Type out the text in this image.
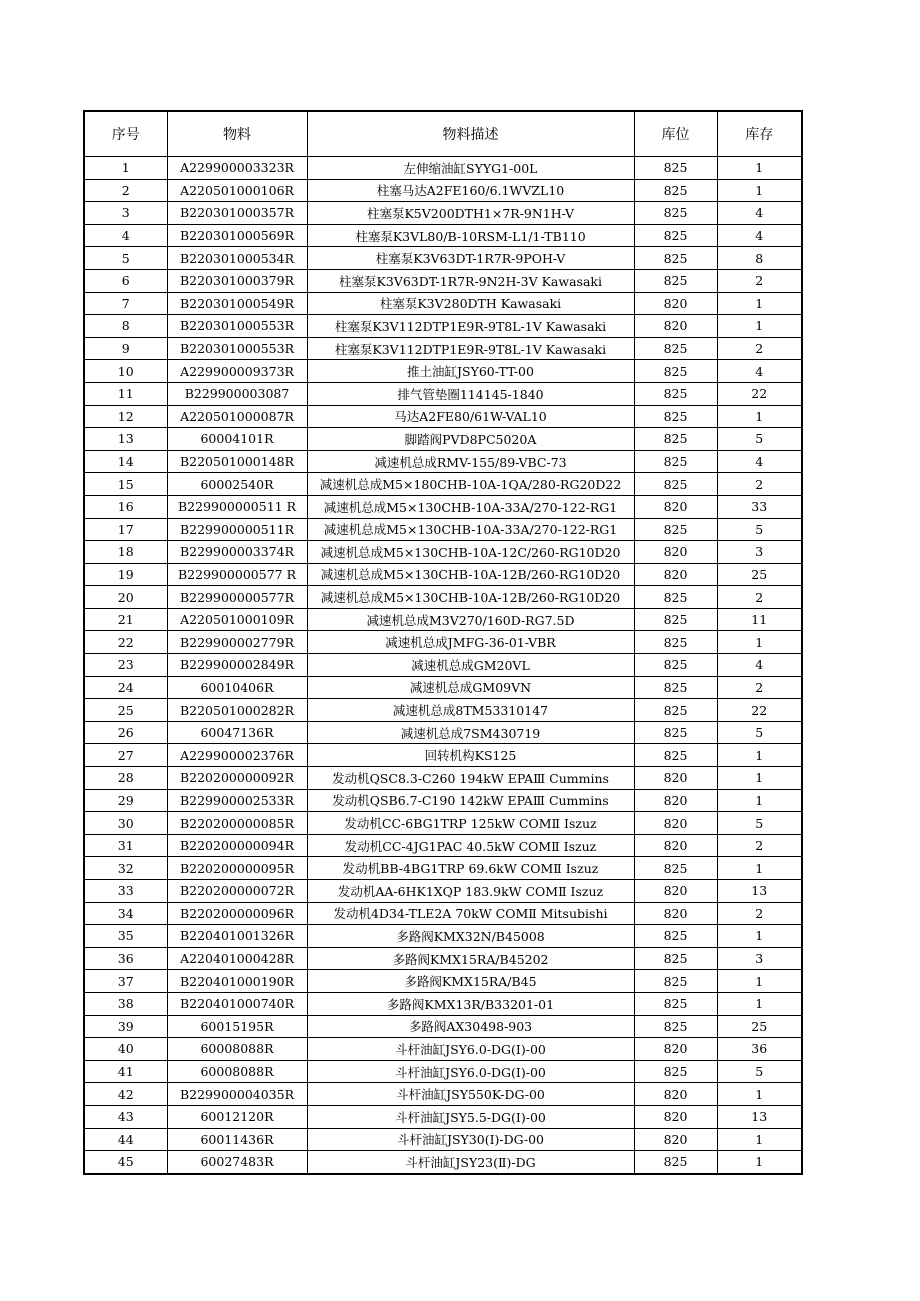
序号	物料	物料描述	库位	库存
1	A229900003323R	左伸缩油缸SYYG1-00L	825	1
2	A220501000106R	柱塞马达A2FE160/6.1WVZL10	825	1
3	B220301000357R	柱塞泵K5V200DTH1×7R-9N1H-V	825	4
4	B220301000569R	柱塞泵K3VL80/B-10RSM-L1/1-TB110	825	4
5	B220301000534R	柱塞泵K3V63DT-1R7R-9POH-V	825	8
6	B220301000379R	柱塞泵K3V63DT-1R7R-9N2H-3V Kawasaki	825	2
7	B220301000549R	柱塞泵K3V280DTH Kawasaki	820	1
8	B220301000553R	柱塞泵K3V112DTP1E9R-9T8L-1V Kawasaki	820	1
9	B220301000553R	柱塞泵K3V112DTP1E9R-9T8L-1V Kawasaki	825	2
10	A229900009373R	推土油缸JSY60-TT-00	825	4
11	B229900003087	排气管垫圈114145-1840	825	22
12	A220501000087R	马达A2FE80/61W-VAL10	825	1
13	60004101R	脚踏阀PVD8PC5020A	825	5
14	B220501000148R	减速机总成RMV-155/89-VBC-73	825	4
15	60002540R	减速机总成M5×180CHB-10A-1QA/280-RG20D22	825	2
16	B229900000511 R	减速机总成M5×130CHB-10A-33A/270-122-RG1	820	33
17	B229900000511R	减速机总成M5×130CHB-10A-33A/270-122-RG1	825	5
18	B229900003374R	减速机总成M5×130CHB-10A-12C/260-RG10D20	820	3
19	B229900000577 R	减速机总成M5×130CHB-10A-12B/260-RG10D20	820	25
20	B229900000577R	减速机总成M5×130CHB-10A-12B/260-RG10D20	825	2
21	A220501000109R	减速机总成M3V270/160D-RG7.5D	825	11
22	B229900002779R	减速机总成JMFG-36-01-VBR	825	1
23	B229900002849R	减速机总成GM20VL	825	4
24	60010406R	减速机总成GM09VN	825	2
25	B220501000282R	减速机总成8TM53310147	825	22
26	60047136R	减速机总成7SM430719	825	5
27	A229900002376R	回转机构KS125	825	1
28	B220200000092R	发动机QSC8.3-C260 194kW EPAⅢ Cummins	820	1
29	B229900002533R	发动机QSB6.7-C190 142kW EPAⅢ Cummins	820	1
30	B220200000085R	发动机CC-6BG1TRP 125kW COMⅡ Iszuz	820	5
31	B220200000094R	发动机CC-4JG1PAC 40.5kW COMⅡ Iszuz	820	2
32	B220200000095R	发动机BB-4BG1TRP 69.6kW COMⅡ Iszuz	825	1
33	B220200000072R	发动机AA-6HK1XQP 183.9kW COMⅡ Iszuz	820	13
34	B220200000096R	发动机4D34-TLE2A 70kW COMⅡ Mitsubishi	820	2
35	B220401001326R	多路阀KMX32N/B45008	825	1
36	A220401000428R	多路阀KMX15RA/B45202	825	3
37	B220401000190R	多路阀KMX15RA/B45	825	1
38	B220401000740R	多路阀KMX13R/B33201-01	825	1
39	60015195R	多路阀AX30498-903	825	25
40	60008088R	斗杆油缸JSY6.0-DG(Ⅰ)-00	820	36
41	60008088R	斗杆油缸JSY6.0-DG(Ⅰ)-00	825	5
42	B229900004035R	斗杆油缸JSY550K-DG-00	820	1
43	60012120R	斗杆油缸JSY5.5-DG(Ⅰ)-00	820	13
44	60011436R	斗杆油缸JSY30(Ⅰ)-DG-00	820	1
45	60027483R	斗杆油缸JSY23(Ⅱ)-DG	825	1
